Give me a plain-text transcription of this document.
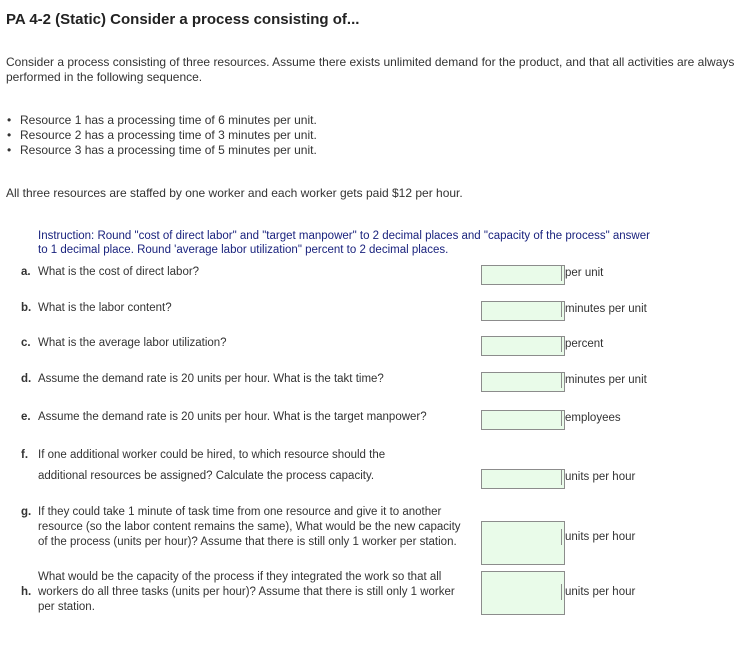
PA 4-2 (Static) Consider a process consisting of...
Consider a process consisting of three resources. Assume there exists unlimited demand for the product, and that all activities are always performed in the following sequence.
• Resource 1 has a processing time of 6 minutes per unit.
• Resource 2 has a processing time of 3 minutes per unit.
• Resource 3 has a processing time of 5 minutes per unit.
All three resources are staffed by one worker and each worker gets paid $12 per hour.
Instruction: Round "cost of direct labor" and "target manpower" to 2 decimal places and "capacity of the process" answer to 1 decimal place. Round 'average labor utilization" percent to 2 decimal places.
a. What is the cost of direct labor?	per unit
b. What is the labor content?	minutes per unit
c. What is the average labor utilization?	percent
d. Assume the demand rate is 20 units per hour. What is the takt time?	minutes per unit
e. Assume the demand rate is 20 units per hour. What is the target manpower?	employees
f. If one additional worker could be hired, to which resource should the
additional resources be assigned? Calculate the process capacity.	units per hour
g. If they could take 1 minute of task time from one resource and give it to another
resource (so the labor content remains the same), What would be the new capacity
of the process (units per hour)? Assume that there is still only 1 worker per station.	units per hour
h.
What would be the capacity of the process if they integrated the work so that all
workers do all three tasks (units per hour)? Assume that there is still only 1 worker
per station.
units per hour
